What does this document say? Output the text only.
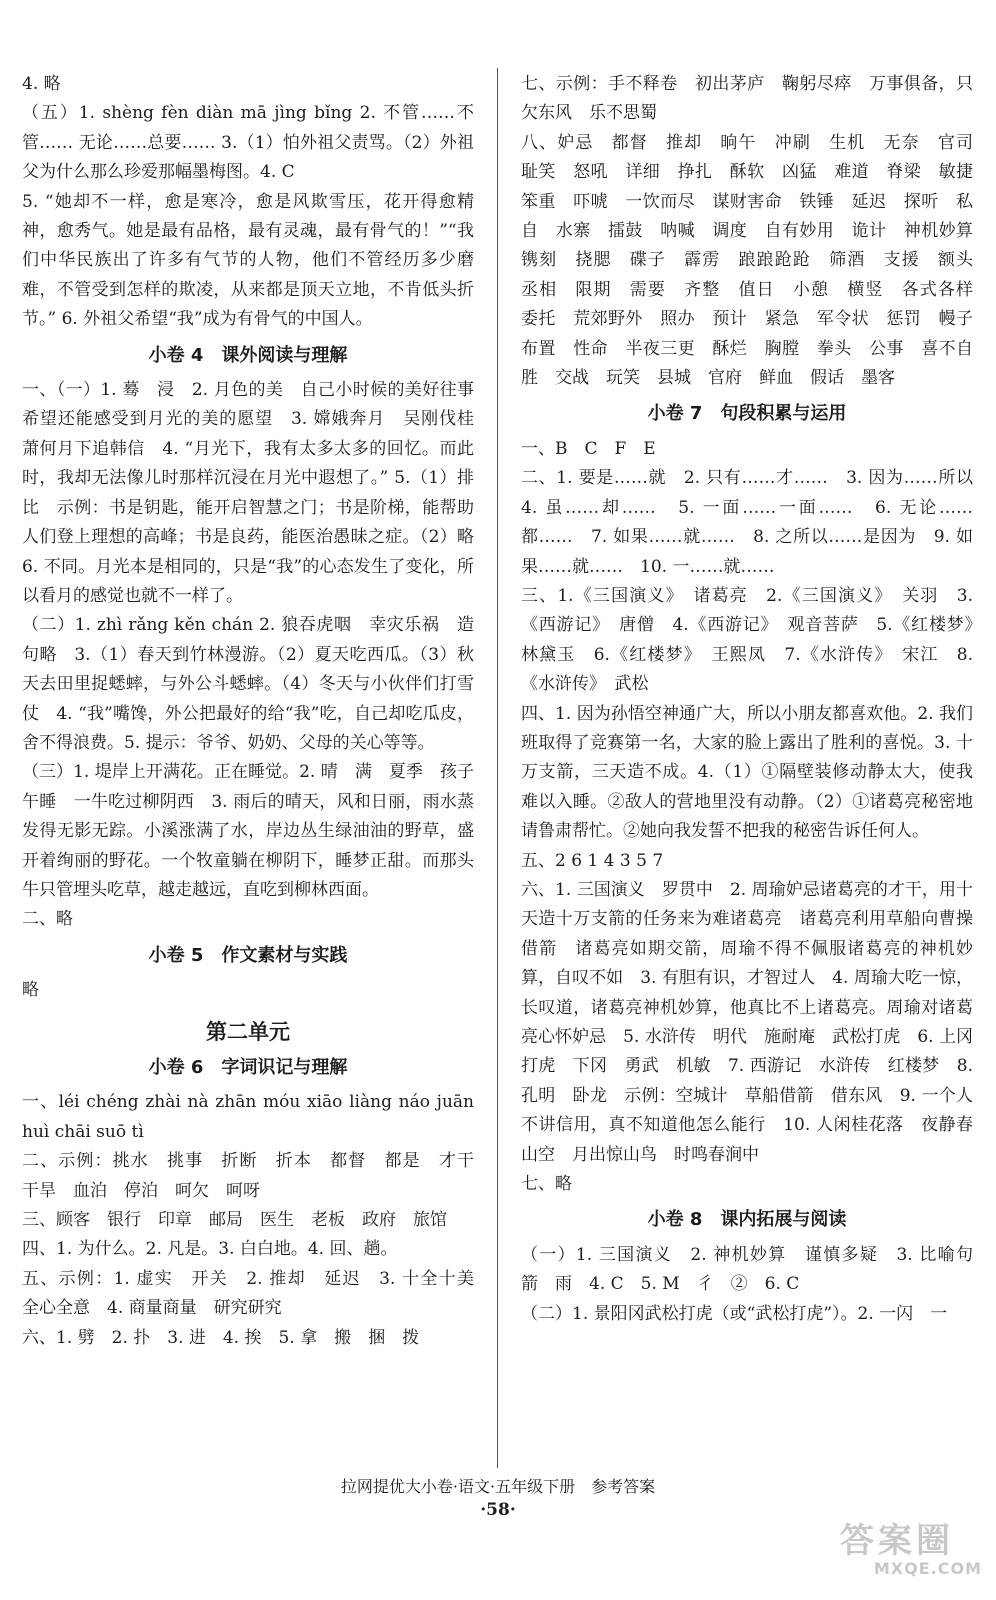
4. 略
（五）1. shèng fèn diàn mā jìng bǐng 2. 不管……不管…… 无论……总要…… 3.（1）怕外祖父责骂。（2）外祖父为什么那么珍爱那幅墨梅图。4. C
5. “她却不一样，愈是寒冷，愈是风欺雪压，花开得愈精神，愈秀气。她是最有品格，最有灵魂，最有骨气的！”“我们中华民族出了许多有气节的人物，他们不管经历多少磨难，不管受到怎样的欺凌，从来都是顶天立地，不肯低头折节。” 6. 外祖父希望“我”成为有骨气的中国人。
小卷 4　课外阅读与理解
一、（一）1. 蓦　浸　2. 月色的美　自己小时候的美好往事　希望还能感受到月光的美的愿望　3. 嫦娥奔月　吴刚伐桂　萧何月下追韩信　4. “月光下，我有太多太多的回忆。而此时，我却无法像儿时那样沉浸在月光中遐想了。” 5.（1）排比　示例：书是钥匙，能开启智慧之门；书是阶梯，能帮助人们登上理想的高峰；书是良药，能医治愚昧之症。（2）略　6. 不同。月光本是相同的，只是“我”的心态发生了变化，所以看月的感觉也就不一样了。
（二）1. zhì rǎng kěn chán 2. 狼吞虎咽　幸灾乐祸　造句略　3.（1）春天到竹林漫游。（2）夏天吃西瓜。（3）秋天去田里捉蟋蟀，与外公斗蟋蟀。（4）冬天与小伙伴们打雪仗　4. “我”嘴馋，外公把最好的给“我”吃，自己却吃瓜皮，舍不得浪费。5. 提示：爷爷、奶奶、父母的关心等等。
（三）1. 堤岸上开满花。正在睡觉。2. 晴　满　夏季　孩子午睡　一牛吃过柳阴西　3. 雨后的晴天，风和日丽，雨水蒸发得无影无踪。小溪涨满了水，岸边丛生绿油油的野草，盛开着绚丽的野花。一个牧童躺在柳阴下，睡梦正甜。而那头牛只管埋头吃草，越走越远，直吃到柳林西面。
二、略
小卷 5　作文素材与实践
略
第二单元
小卷 6　字词识记与理解
一、léi chéng zhài nà zhān móu xiāo liàng náo juān huì chāi suō tì
二、示例：挑水　挑事　折断　折本　都督　都是　才干　干旱　血泊　停泊　呵欠　呵呀
三、顾客　银行　印章　邮局　医生　老板　政府　旅馆
四、1. 为什么。2. 凡是。3. 白白地。4. 回、趟。
五、示例：1. 虚实　开关　2. 推却　延迟　3. 十全十美　全心全意　4. 商量商量　研究研究
六、1. 劈　2. 扑　3. 进　4. 挨　5. 拿　搬　捆　拨
七、示例：手不释卷　初出茅庐　鞠躬尽瘁　万事俱备，只欠东风　乐不思蜀
八、妒忌　都督　推却　晌午　冲刷　生机　无奈　官司　耻笑　怒吼　详细　挣扎　酥软　凶猛　难道　脊梁　敏捷　笨重　吓唬　一饮而尽　谋财害命　铁锤　延迟　探听　私自　水寨　擂鼓　呐喊　调度　自有妙用　诡计　神机妙算　镌刻　挠腮　碟子　霹雳　踉踉跄跄　筛酒　支援　额头　丞相　限期　需要　齐整　值日　小憩　横竖　各式各样　委托　荒郊野外　照办　预计　紧急　军令状　惩罚　幔子　布置　性命　半夜三更　酥烂　胸膛　拳头　公事　喜不自胜　交战　玩笑　县城　官府　鲜血　假话　墨客
小卷 7　句段积累与运用
一、B　C　F　E
二、1. 要是……就　2. 只有……才……　3. 因为……所以　4. 虽……却……　5. 一面……一面……　6. 无论……都……　7. 如果……就……　8. 之所以……是因为　9. 如果……就……　10. 一……就……
三、1.《三国演义》　诸葛亮　2.《三国演义》　关羽　3.《西游记》　唐僧　4.《西游记》　观音菩萨　5.《红楼梦》　林黛玉　6.《红楼梦》　王熙凤　7.《水浒传》　宋江　8.《水浒传》　武松
四、1. 因为孙悟空神通广大，所以小朋友都喜欢他。2. 我们班取得了竞赛第一名，大家的脸上露出了胜利的喜悦。3. 十万支箭，三天造不成。4.（1）①隔壁装修动静太大，使我难以入睡。②敌人的营地里没有动静。（2）①诸葛亮秘密地请鲁肃帮忙。②她向我发誓不把我的秘密告诉任何人。
五、2 6 1 4 3 5 7
六、1. 三国演义　罗贯中　2. 周瑜妒忌诸葛亮的才干，用十天造十万支箭的任务来为难诸葛亮　诸葛亮利用草船向曹操借箭　诸葛亮如期交箭，周瑜不得不佩服诸葛亮的神机妙算，自叹不如　3. 有胆有识，才智过人　4. 周瑜大吃一惊，长叹道，诸葛亮神机妙算，他真比不上诸葛亮。周瑜对诸葛亮心怀妒忌　5. 水浒传　明代　施耐庵　武松打虎　6. 上冈　打虎　下冈　勇武　机敏　7. 西游记　水浒传　红楼梦　8. 孔明　卧龙　示例：空城计　草船借箭　借东风　9. 一个人不讲信用，真不知道他怎么能行　10. 人闲桂花落　夜静春山空　月出惊山鸟　时鸣春涧中
七、略
小卷 8　课内拓展与阅读
（一）1. 三国演义　2. 神机妙算　谨慎多疑　3. 比喻句　箭　雨　4. C　5. M　彳　②　6. C
（二）1. 景阳冈武松打虎（或“武松打虎”）。2. 一闪　一
拉网提优大小卷·语文·五年级下册　参考答案
·58·
答案圈
MXQE.COM
